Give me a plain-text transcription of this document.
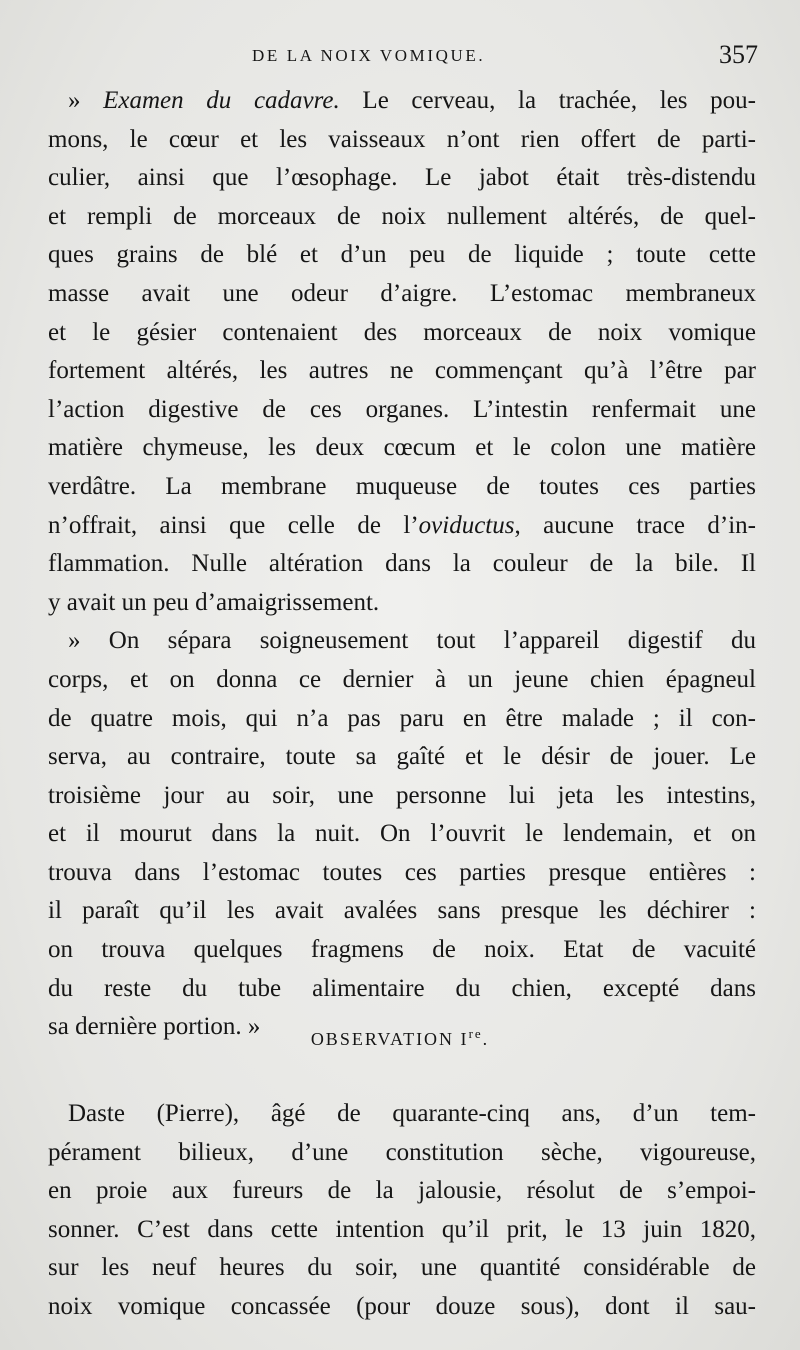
DE LA NOIX VOMIQUE.	357
» Examen du cadavre. Le cerveau, la trachée, les pou-
mons, le cœur et les vaisseaux n’ont rien offert de parti-
culier, ainsi que l’œsophage. Le jabot était très-distendu
et rempli de morceaux de noix nullement altérés, de quel-
ques grains de blé et d’un peu de liquide ; toute cette
masse avait une odeur d’aigre. L’estomac membraneux
et le gésier contenaient des morceaux de noix vomique
fortement altérés, les autres ne commençant qu’à l’être par
l’action digestive de ces organes. L’intestin renfermait une
matière chymeuse, les deux cœcum et le colon une matière
verdâtre. La membrane muqueuse de toutes ces parties
n’offrait, ainsi que celle de l’oviductus, aucune trace d’in-
flammation. Nulle altération dans la couleur de la bile. Il
y avait un peu d’amaigrissement.
» On sépara soigneusement tout l’appareil digestif du
corps, et on donna ce dernier à un jeune chien épagneul
de quatre mois, qui n’a pas paru en être malade ; il con-
serva, au contraire, toute sa gaîté et le désir de jouer. Le
troisième jour au soir, une personne lui jeta les intestins,
et il mourut dans la nuit. On l’ouvrit le lendemain, et on
trouva dans l’estomac toutes ces parties presque entières :
il paraît qu’il les avait avalées sans presque les déchirer :
on trouva quelques fragmens de noix. Etat de vacuité
du reste du tube alimentaire du chien, excepté dans
sa dernière portion. »	OBSERVATION Ire.
Daste (Pierre), âgé de quarante-cinq ans, d’un tem-
pérament bilieux, d’une constitution sèche, vigoureuse,
en proie aux fureurs de la jalousie, résolut de s’empoi-
sonner. C’est dans cette intention qu’il prit, le 13 juin 1820,
sur les neuf heures du soir, une quantité considérable de
noix vomique concassée (pour douze sous), dont il sau-
